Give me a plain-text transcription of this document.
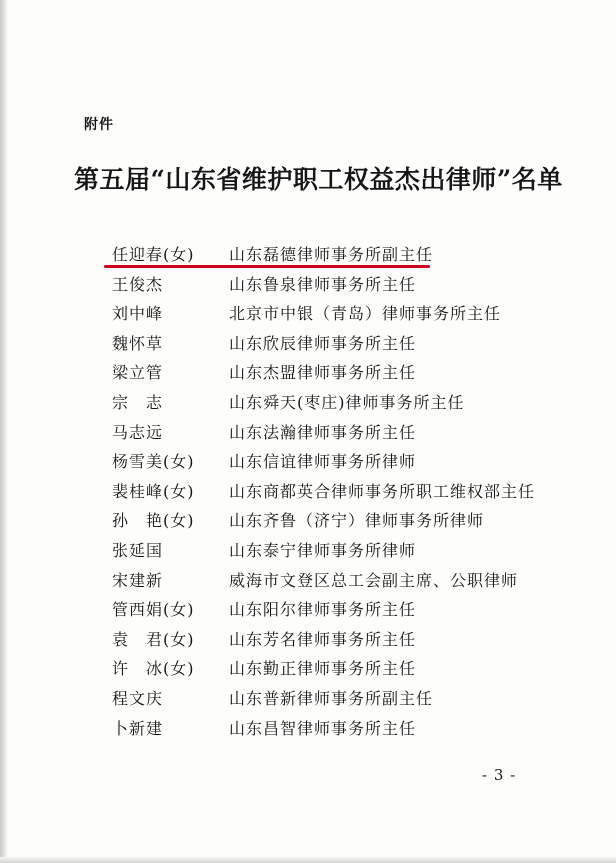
附件
第五届“山东省维护职工权益杰出律师”名单
任迎春(女)	山东磊德律师事务所副主任
王俊杰	山东鲁泉律师事务所主任
刘中峰	北京市中银（青岛）律师事务所主任
魏怀草	山东欣辰律师事务所主任
梁立管	山东杰盟律师事务所主任
宗　志	山东舜天(枣庄)律师事务所主任
马志远	山东法瀚律师事务所主任
杨雪美(女)	山东信谊律师事务所律师
裴桂峰(女)	山东商都英合律师事务所职工维权部主任
孙　艳(女)	山东齐鲁（济宁）律师事务所律师
张延国	山东泰宁律师事务所律师
宋建新	威海市文登区总工会副主席、公职律师
管西娟(女)	山东阳尔律师事务所主任
袁　君(女)	山东芳名律师事务所主任
许　冰(女)	山东勤正律师事务所主任
程文庆	山东普新律师事务所副主任
卜新建	山东昌智律师事务所主任
- 3 -
